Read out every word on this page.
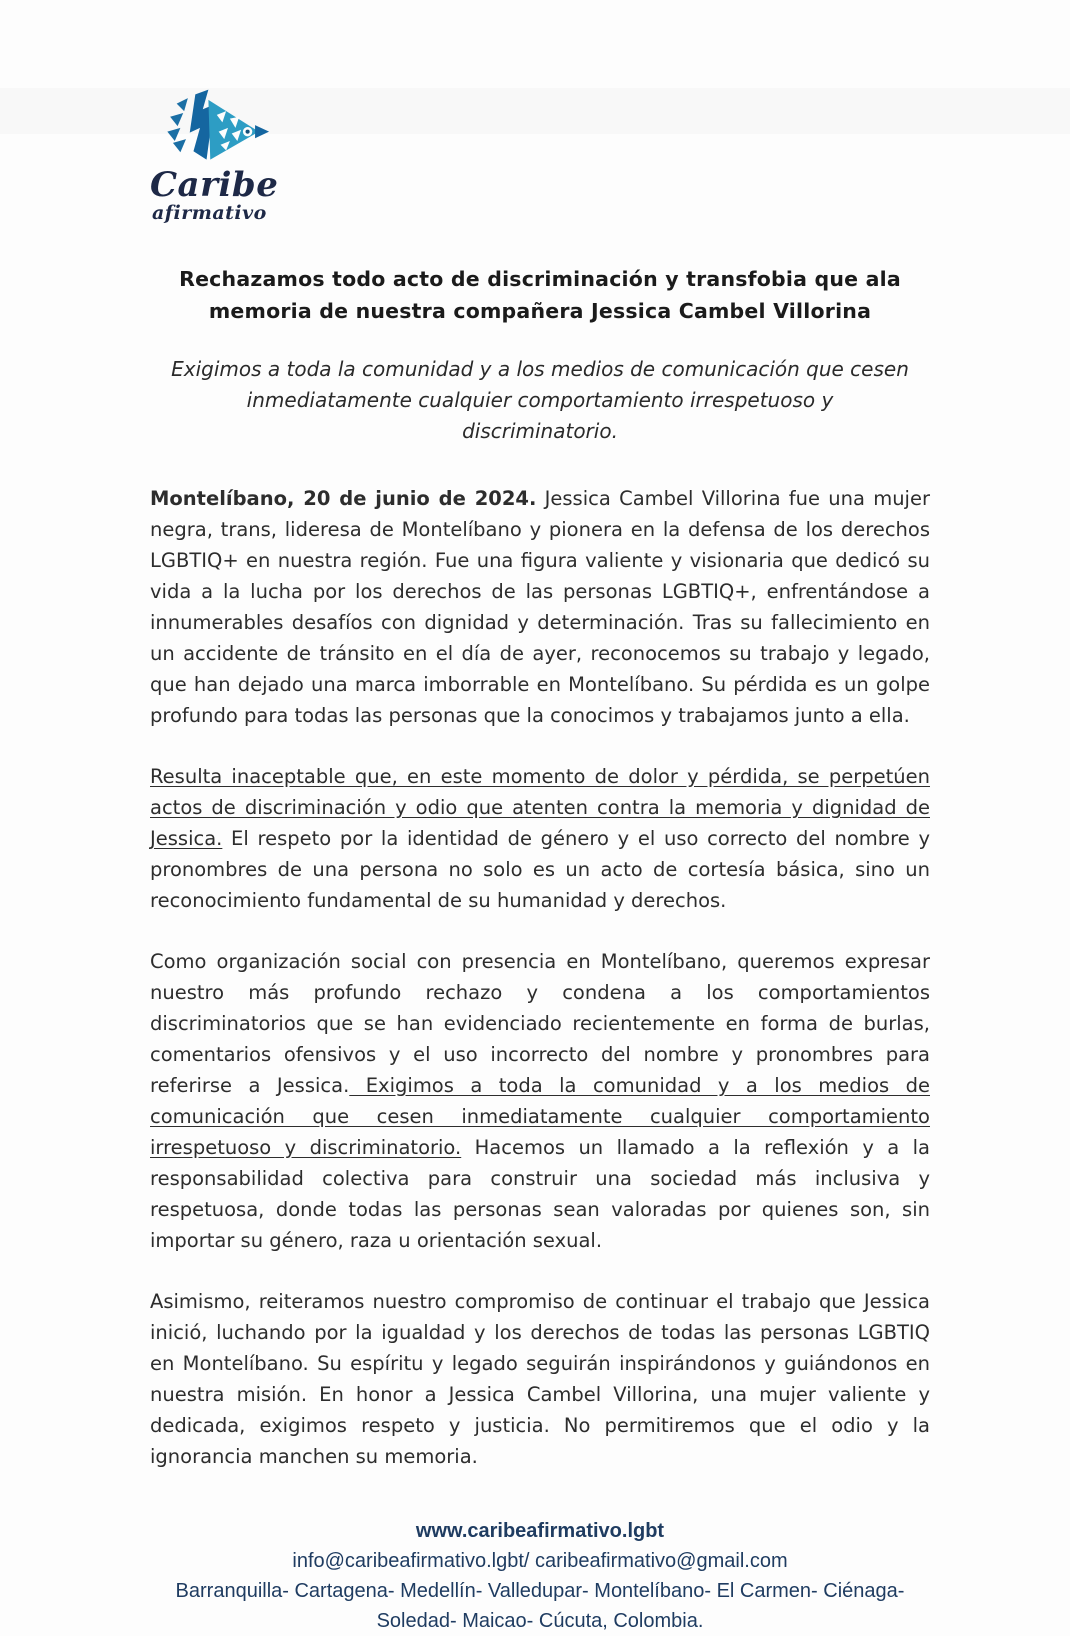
Caribe
afirmativo
Rechazamos todo acto de discriminación y transfobia que ala memoria de nuestra compañera Jessica Cambel Villorina
Exigimos a toda la comunidad y a los medios de comunicación que cesen inmediatamente cualquier comportamiento irrespetuoso y discriminatorio.

Montelíbano, 20 de junio de 2024. Jessica Cambel Villorina fue una mujer negra, trans, lideresa de Montelíbano y pionera en la defensa de los derechos LGBTIQ+ en nuestra región. Fue una figura valiente y visionaria que dedicó su vida a la lucha por los derechos de las personas LGBTIQ+, enfrentándose a innumerables desafíos con dignidad y determinación. Tras su fallecimiento en un accidente de tránsito en el día de ayer, reconocemos su trabajo y legado, que han dejado una marca imborrable en Montelíbano. Su pérdida es un golpe profundo para todas las personas que la conocimos y trabajamos junto a ella.

Resulta inaceptable que, en este momento de dolor y pérdida, se perpetúen actos de discriminación y odio que atenten contra la memoria y dignidad de Jessica. El respeto por la identidad de género y el uso correcto del nombre y pronombres de una persona no solo es un acto de cortesía básica, sino un reconocimiento fundamental de su humanidad y derechos.

Como organización social con presencia en Montelíbano, queremos expresar nuestro más profundo rechazo y condena a los comportamientos discriminatorios que se han evidenciado recientemente en forma de burlas, comentarios ofensivos y el uso incorrecto del nombre y pronombres para referirse a Jessica. Exigimos a toda la comunidad y a los medios de comunicación que cesen inmediatamente cualquier comportamiento irrespetuoso y discriminatorio. Hacemos un llamado a la reflexión y a la responsabilidad colectiva para construir una sociedad más inclusiva y respetuosa, donde todas las personas sean valoradas por quienes son, sin importar su género, raza u orientación sexual.

Asimismo, reiteramos nuestro compromiso de continuar el trabajo que Jessica inició, luchando por la igualdad y los derechos de todas las personas LGBTIQ en Montelíbano. Su espíritu y legado seguirán inspirándonos y guiándonos en nuestra misión. En honor a Jessica Cambel Villorina, una mujer valiente y dedicada, exigimos respeto y justicia. No permitiremos que el odio y la ignorancia manchen su memoria.

www.caribeafirmativo.lgbt
info@caribeafirmativo.lgbt/ caribeafirmativo@gmail.com
Barranquilla- Cartagena- Medellín- Valledupar- Montelíbano- El Carmen- Ciénaga-
Soledad- Maicao- Cúcuta, Colombia.
